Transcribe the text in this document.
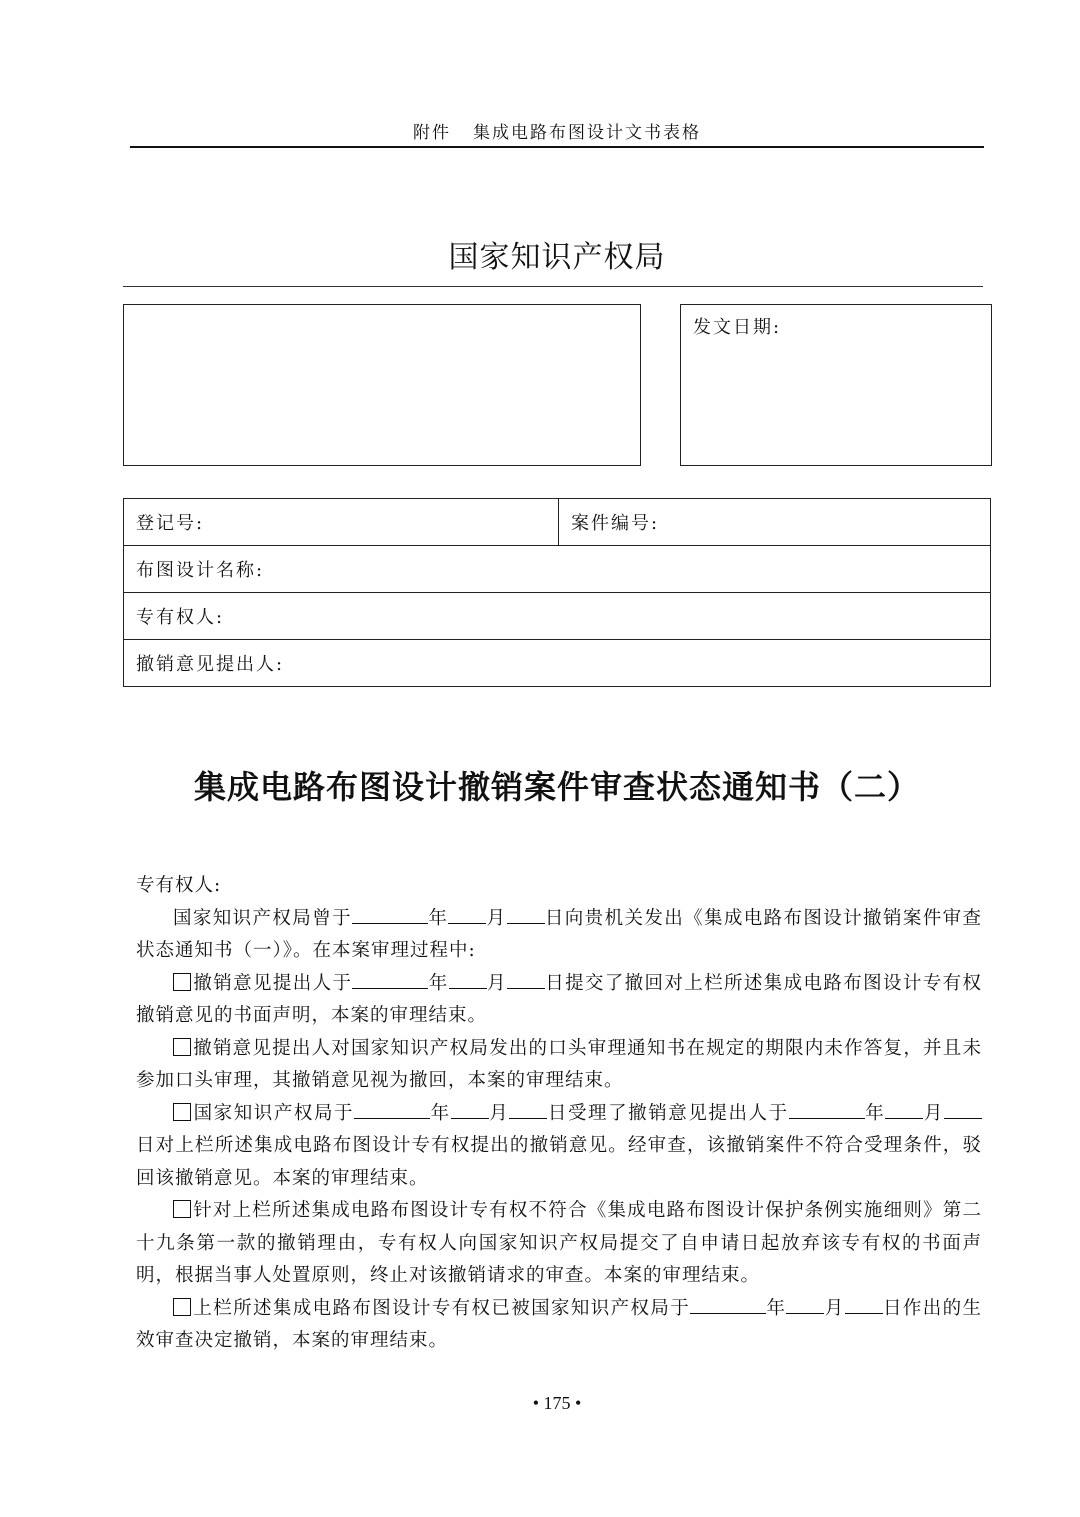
附件 集成电路布图设计文书表格
国家知识产权局
发文日期:
登记号:	案件编号:
布图设计名称:
专有权人:
撤销意见提出人:
集成电路布图设计撤销案件审查状态通知书（二）

专有权人:

国家知识产权局曾于	年 月 日向贵机关发出《集成电路布图设计撤销案件审查状态通知书（一）》。在本案审理过程中:

撤销意见提出人于	年 月 日提交了撤回对上栏所述集成电路布图设计专有权撤销意见的书面声明，本案的审理结束。

撤销意见提出人对国家知识产权局发出的口头审理通知书在规定的期限内未作答复，并且未参加口头审理，其撤销意见视为撤回，本案的审理结束。

国家知识产权局于	年 月 日受理了撤销意见提出人于	年 月日对上栏所述集成电路布图设计专有权提出的撤销意见。经审查，该撤销案件不符合受理条件，驳回该撤销意见。本案的审理结束。

针对上栏所述集成电路布图设计专有权不符合《集成电路布图设计保护条例实施细则》第二十九条第一款的撤销理由，专有权人向国家知识产权局提交了自申请日起放弃该专有权的书面声明，根据当事人处置原则，终止对该撤销请求的审查。本案的审理结束。

上栏所述集成电路布图设计专有权已被国家知识产权局于	年 月 日作出的生效审查决定撤销，本案的审理结束。

• 175 •
